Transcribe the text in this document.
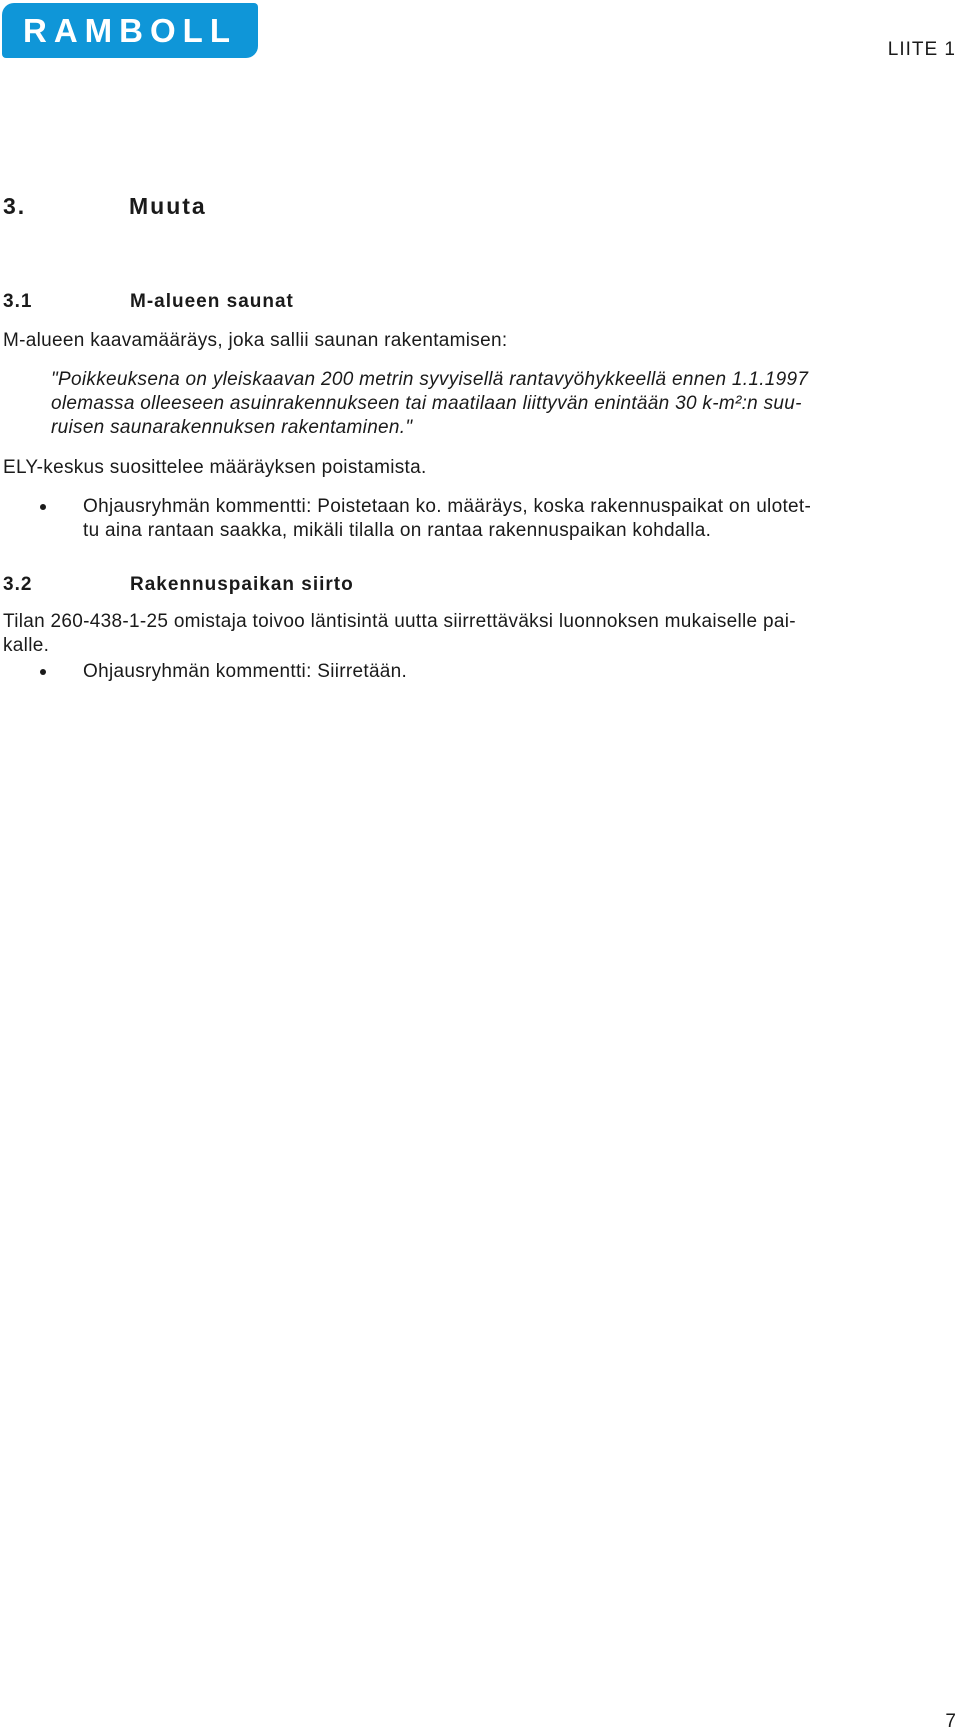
RAMBOLL
LIITE 1
3.	Muuta
3.1	M-alueen saunat
M-alueen kaavamääräys, joka sallii saunan rakentamisen:
"Poikkeuksena on yleiskaavan 200 metrin syvyisellä rantavyöhykkeellä ennen 1.1.1997
olemassa olleeseen asuinrakennukseen tai maatilaan liittyvän enintään 30 k-m²:n suu-
ruisen saunarakennuksen rakentaminen."
ELY-keskus suosittelee määräyksen poistamista.
Ohjausryhmän kommentti: Poistetaan ko. määräys, koska rakennuspaikat on ulotet-
tu aina rantaan saakka, mikäli tilalla on rantaa rakennuspaikan kohdalla.
3.2	Rakennuspaikan siirto
Tilan 260-438-1-25 omistaja toivoo läntisintä uutta siirrettäväksi luonnoksen mukaiselle pai-
kalle.
Ohjausryhmän kommentti: Siirretään.
7
